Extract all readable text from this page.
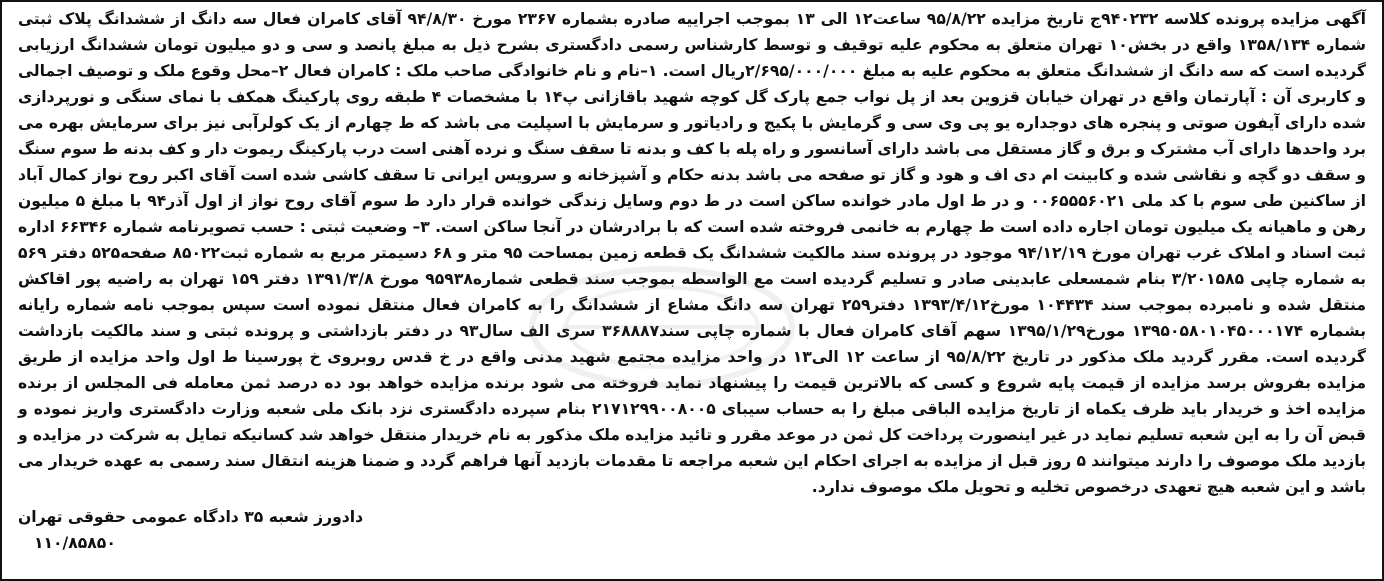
آگهی مزایده پرونده کلاسه ۹۴۰۲۳۲ج تاریخ مزایده ۹۵/۸/۲۲ ساعت۱۲ الی ۱۳ بموجب اجراییه صادره بشماره ۲۳۶۷ مورخ ۹۴/۸/۳۰ آقای کامران فعال سه دانگ از ششدانگ پلاک ثبتی شماره ۱۳۵۸/۱۳۴ واقع در بخش۱۰ تهران متعلق به محکوم علیه توقیف و توسط کارشناس رسمی دادگستری بشرح ذیل به مبلغ پانصد و سی و دو میلیون تومان ششدانگ ارزیابی گردیده است که سه دانگ از ششدانگ متعلق به محکوم علیه به مبلغ ۲/۶۹۵/۰۰۰/۰۰۰ریال است. ۱–نام و نام خانوادگی صاحب ملک : کامران فعال ۲–محل وقوع ملک و توصیف اجمالی و کاربری آن : آپارتمان واقع در تهران خیابان قزوین بعد از پل نواب جمع پارک گل کوچه شهید باقازانی پ۱۴ با مشخصات ۴ طبقه روی پارکینگ همکف با نمای سنگی و نورپردازی شده دارای آیفون صوتی و پنجره های دوجداره یو پی وی سی و گرمایش با پکیج و رادیاتور و سرمایش با اسپلیت می باشد که ط چهارم از یک کولرآبی نیز برای سرمایش بهره می برد واحدها دارای آب مشترک و برق و گاز مستقل می باشد دارای آسانسور و راه پله با کف و بدنه تا سقف سنگ و نرده آهنی است درب پارکینگ ریموت دار و کف بدنه ط سوم سنگ و سقف دو گچه و نقاشی شده و کابینت ام دی اف و هود و گاز تو صفحه می باشد بدنه حکام و آشپزخانه و سرویس ایرانی تا سقف کاشی شده است آقای اکبر روح نواز کمال آباد از ساکنین طی سوم با کد ملی ۰۰۶۵۵۵۶۰۲۱ و در ط اول مادر خوانده ساکن است در ط دوم وسایل زندگی خوانده قرار دارد ط سوم آقای روح نواز از اول آذر۹۴ با مبلغ ۵ میلیون رهن و ماهیانه یک میلیون تومان اجاره داده است ط چهارم به خانمی فروخته شده است که با برادرشان در آنجا ساکن است. ۳– وضعیت ثبتی : حسب تصویرنامه شماره ۶۶۳۴۶ اداره ثبت اسناد و املاک غرب تهران مورخ ۹۴/۱۲/۱۹ موجود در پرونده سند مالکیت ششدانگ یک قطعه زمین بمساحت ۹۵ متر و ۶۸ دسیمتر مربع به شماره ثبت۸۵۰۲۲ صفحه۵۲۵ دفتر ۵۶۹ به شماره چاپی ۳/۲۰۱۵۸۵ بنام شمسعلی عابدینی صادر و تسلیم گردیده است مع الواسطه بموجب سند قطعی شماره۹۵۹۳۸ مورخ ۱۳۹۱/۳/۸ دفتر ۱۵۹ تهران به راضیه پور اقاکش منتقل شده و نامبرده بموجب سند ۱۰۴۴۳۴ مورخ۱۳۹۳/۴/۱۲ دفتر۲۵۹ تهران سه دانگ مشاع از ششدانگ را به کامران فعال منتقل نموده است سپس بموجب نامه شماره رایانه بشماره ۱۳۹۵۰۵۸۰۱۰۴۵۰۰۰۱۷۴ مورخ۱۳۹۵/۱/۲۹ سهم آقای کامران فعال با شماره چاپی سند۳۶۸۸۸۷ سری الف سال۹۳ در دفتر بازداشتی و پرونده ثبتی و سند مالکیت بازداشت گردیده است. مقرر گردید ملک مذکور در تاریخ ۹۵/۸/۲۲ از ساعت ۱۲ الی۱۳ در واحد مزایده مجتمع شهید مدنی واقع در خ قدس روبروی خ پورسینا ط اول واحد مزایده از طریق مزایده بفروش برسد مزایده از قیمت پایه شروع و کسی که بالاترین قیمت را پیشنهاد نماید فروخته می شود برنده مزایده خواهد بود ده درصد ثمن معامله فی المجلس از برنده مزایده اخذ و خریدار باید ظرف یکماه از تاریخ مزایده الباقی مبلغ را به حساب سیبای ۲۱۷۱۲۹۹۰۰۸۰۰۵ بنام سپرده دادگستری نزد بانک ملی شعبه وزارت دادگستری واریز نموده و قبض آن را به این شعبه تسلیم نماید در غیر اینصورت پرداخت کل ثمن در موعد مقرر و تائید مزایده ملک مذکور به نام خریدار منتقل خواهد شد کسانیکه تمایل به شرکت در مزایده و بازدید ملک موصوف را دارند میتوانند ۵ روز قبل از مزایده به اجرای احکام این شعبه مراجعه تا مقدمات بازدید آنها فراهم گردد و ضمنا هزینه انتقال سند رسمی به عهده خریدار می باشد و این شعبه هیچ تعهدی درخصوص تخلیه و تحویل ملک موصوف ندارد.

دادورز شعبه ۳۵ دادگاه عمومی حقوقی تهران
۱۱۰/۸۵۸۵۰
